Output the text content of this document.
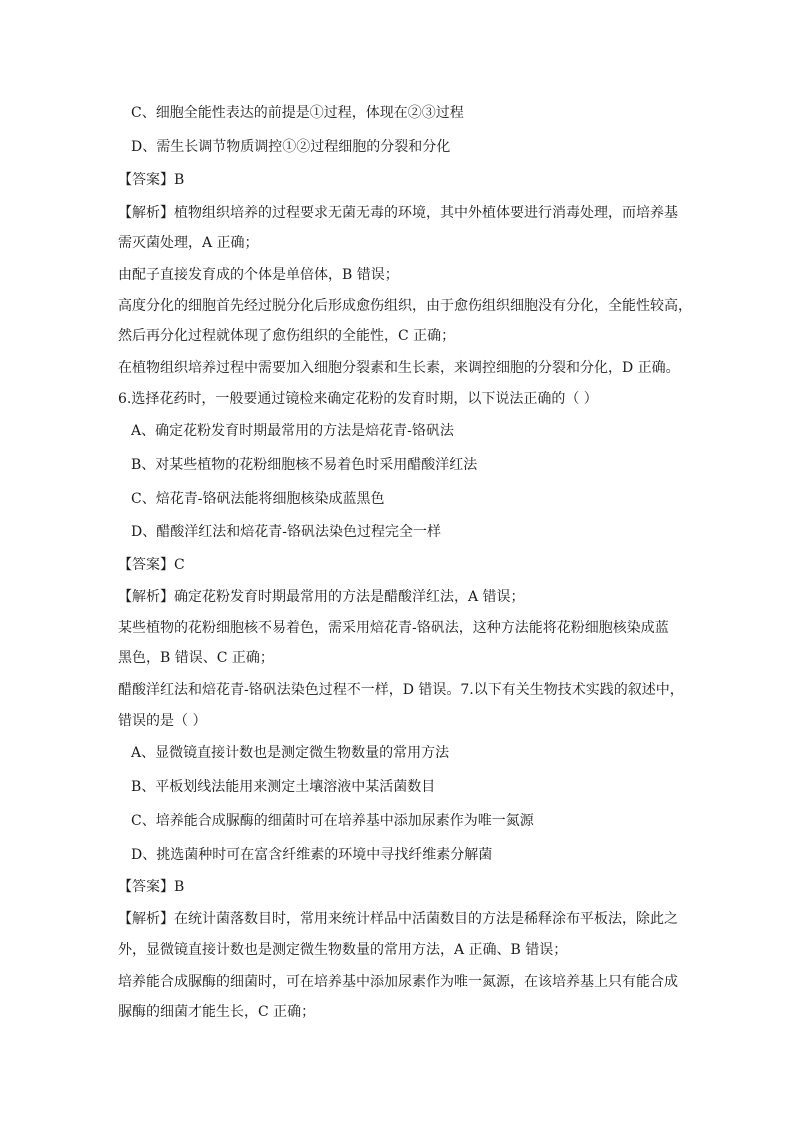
C、细胞全能性表达的前提是①过程，体现在②③过程
D、需生长调节物质调控①②过程细胞的分裂和分化
【答案】B
【解析】植物组织培养的过程要求无菌无毒的环境，其中外植体要进行消毒处理，而培养基
需灭菌处理，A 正确；
由配子直接发育成的个体是单倍体，B 错误；
高度分化的细胞首先经过脱分化后形成愈伤组织，由于愈伤组织细胞没有分化，全能性较高，
然后再分化过程就体现了愈伤组织的全能性，C 正确；
在植物组织培养过程中需要加入细胞分裂素和生长素，来调控细胞的分裂和分化，D 正确。
6.选择花药时，一般要通过镜检来确定花粉的发育时期，以下说法正确的（ ）
A、确定花粉发育时期最常用的方法是焙花青-铬矾法
B、对某些植物的花粉细胞核不易着色时采用醋酸洋红法
C、焙花青-铬矾法能将细胞核染成蓝黑色
D、醋酸洋红法和焙花青-铬矾法染色过程完全一样
【答案】C
【解析】确定花粉发育时期最常用的方法是醋酸洋红法，A 错误；
某些植物的花粉细胞核不易着色，需采用焙花青-铬矾法，这种方法能将花粉细胞核染成蓝
黑色，B 错误、C 正确；
醋酸洋红法和焙花青-铬矾法染色过程不一样，D 错误。7.以下有关生物技术实践的叙述中，
错误的是（ ）
A、显微镜直接计数也是测定微生物数量的常用方法
B、平板划线法能用来测定土壤溶液中某活菌数目
C、培养能合成脲酶的细菌时可在培养基中添加尿素作为唯一氮源
D、挑选菌种时可在富含纤维素的环境中寻找纤维素分解菌
【答案】B
【解析】在统计菌落数目时，常用来统计样品中活菌数目的方法是稀释涂布平板法，除此之
外，显微镜直接计数也是测定微生物数量的常用方法，A 正确、B 错误；
培养能合成脲酶的细菌时，可在培养基中添加尿素作为唯一氮源，在该培养基上只有能合成
脲酶的细菌才能生长，C 正确；
